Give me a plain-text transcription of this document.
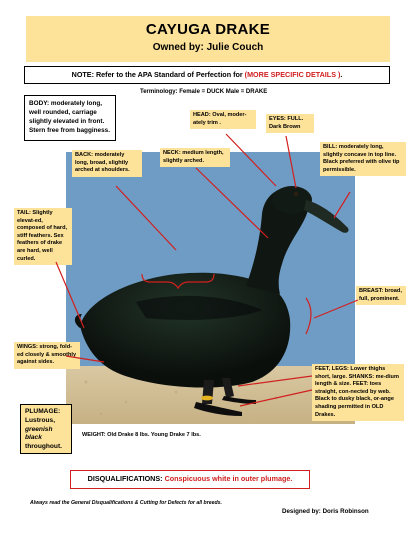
CAYUGA DRAKE
Owned by: Julie Couch
NOTE: Refer to the APA Standard of Perfection for (MORE SPECIFIC DETAILS ).
Terminology: Female = DUCK Male = DRAKE
BODY: moderately long, well rounded, carriage slightly elevated in front. Stern free from bagginess.
HEAD: Oval, moder-ately trim .
EYES: FULL. Dark Brown
BILL: moderately long, slightly concave in top line. Black preferred with olive tip permissible.
BACK: moderately long, broad, slightly arched at shoulders.
NECK: medium length, slightly arched.
TAIL: Slightly elevat-ed, composed of hard, stiff feathers. Sex feathers of drake are hard, well curled.
BREAST: broad, full, prominent.
WINGS: strong, fold-ed closely & smoothly against sides.
FEET, LEGS: Lower thighs short, large. SHANKS: me-dium length & size. FEET: toes straight, con-nected by web. Black to dusky black, or-ange shading permitted in OLD Drakes.
PLUMAGE:
Lustrous,
greenish black
throughout.
WEIGHT: Old Drake 8 lbs. Young Drake 7 lbs.
DISQUALIFICATIONS: Conspicuous white in outer plumage.
Always read the General Disqualifications & Cutting for Defects for all breeds.
Designed by: Doris Robinson
